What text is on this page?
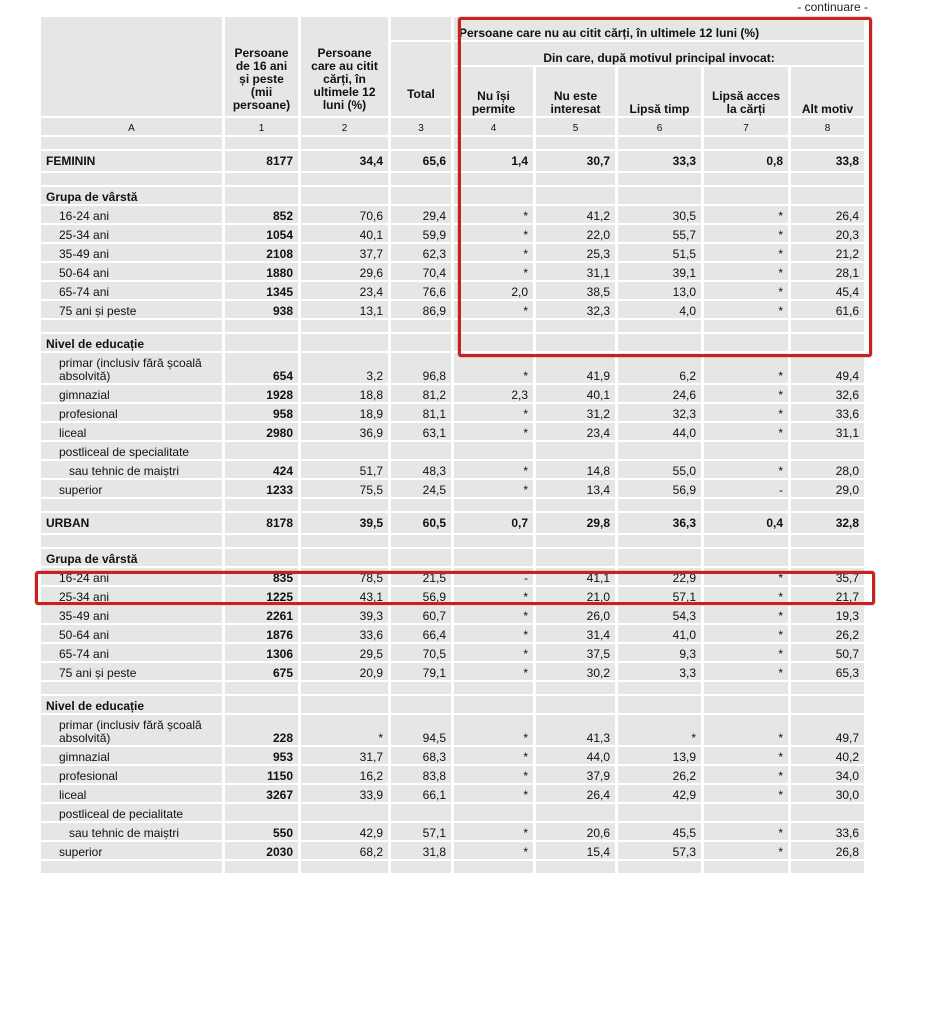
- continuare -
	Persoane de 16 ani și peste (mii persoane)	Persoane care au citit cărți, în ultimele 12 luni (%)		Persoane care nu au citit cărți, în ultimele 12 luni (%)				
			Total	Din care, după motivul principal invocat:				
				Nu își permite	Nu este interesat	Lipsă timp	Lipsă acces la cărți	Alt motiv
A	1	2	3	4	5	6	7	8

FEMININ	8177	34,4	65,6	1,4	30,7	33,3	0,8	33,8

Grupa de vârstă								
16-24 ani	852	70,6	29,4	*	41,2	30,5	*	26,4
25-34 ani	1054	40,1	59,9	*	22,0	55,7	*	20,3
35-49 ani	2108	37,7	62,3	*	25,3	51,5	*	21,2
50-64 ani	1880	29,6	70,4	*	31,1	39,1	*	28,1
65-74 ani	1345	23,4	76,6	2,0	38,5	13,0	*	45,4
75 ani și peste	938	13,1	86,9	*	32,3	4,0	*	61,6

Nivel de educație								
primar (inclusiv fără școală absolvită)	654	3,2	96,8	*	41,9	6,2	*	49,4
gimnazial	1928	18,8	81,2	2,3	40,1	24,6	*	32,6
profesional	958	18,9	81,1	*	31,2	32,3	*	33,6
liceal	2980	36,9	63,1	*	23,4	44,0	*	31,1
postliceal de specialitate								
sau tehnic de maiștri	424	51,7	48,3	*	14,8	55,0	*	28,0
superior	1233	75,5	24,5	*	13,4	56,9	-	29,0

URBAN	8178	39,5	60,5	0,7	29,8	36,3	0,4	32,8

Grupa de vârstă								
16-24 ani	835	78,5	21,5	-	41,1	22,9	*	35,7
25-34 ani	1225	43,1	56,9	*	21,0	57,1	*	21,7
35-49 ani	2261	39,3	60,7	*	26,0	54,3	*	19,3
50-64 ani	1876	33,6	66,4	*	31,4	41,0	*	26,2
65-74 ani	1306	29,5	70,5	*	37,5	9,3	*	50,7
75 ani și peste	675	20,9	79,1	*	30,2	3,3	*	65,3

Nivel de educație								
primar (inclusiv fără școală absolvită)	228	*	94,5	*	41,3	*	*	49,7
gimnazial	953	31,7	68,3	*	44,0	13,9	*	40,2
profesional	1150	16,2	83,8	*	37,9	26,2	*	34,0
liceal	3267	33,9	66,1	*	26,4	42,9	*	30,0
postliceal de pecialitate								
sau tehnic de maiștri	550	42,9	57,1	*	20,6	45,5	*	33,6
superior	2030	68,2	31,8	*	15,4	57,3	*	26,8
